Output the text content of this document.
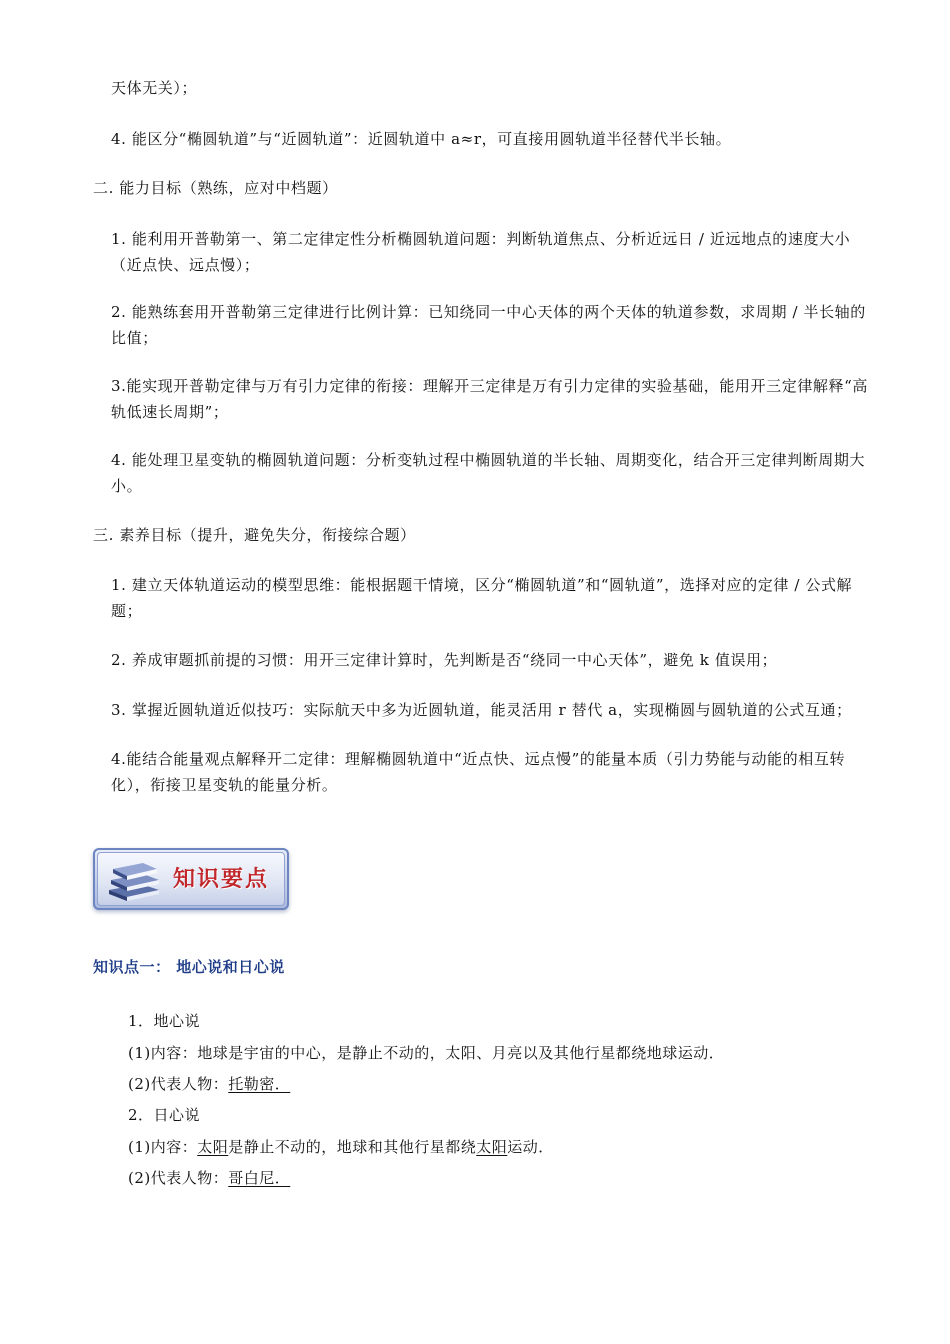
天体无关）；

4. 能区分“椭圆轨道”与“近圆轨道”：近圆轨道中 a≈r，可直接用圆轨道半径替代半长轴。

二. 能力目标（熟练，应对中档题）

1. 能利用开普勒第一、第二定律定性分析椭圆轨道问题：判断轨道焦点、分析近远日 / 近远地点的速度大小（近点快、远点慢）；

2. 能熟练套用开普勒第三定律进行比例计算：已知绕同一中心天体的两个天体的轨道参数，求周期 / 半长轴的比值；

3.能实现开普勒定律与万有引力定律的衔接：理解开三定律是万有引力定律的实验基础，能用开三定律解释“高轨低速长周期”；

4. 能处理卫星变轨的椭圆轨道问题：分析变轨过程中椭圆轨道的半长轴、周期变化，结合开三定律判断周期大小。

三. 素养目标（提升，避免失分，衔接综合题）

1. 建立天体轨道运动的模型思维：能根据题干情境，区分“椭圆轨道”和“圆轨道”，选择对应的定律 / 公式解题；

2. 养成审题抓前提的习惯：用开三定律计算时，先判断是否“绕同一中心天体”，避免 k 值误用；

3. 掌握近圆轨道近似技巧：实际航天中多为近圆轨道，能灵活用 r 替代 a，实现椭圆与圆轨道的公式互通；

4.能结合能量观点解释开二定律：理解椭圆轨道中“近点快、远点慢”的能量本质（引力势能与动能的相互转化），衔接卫星变轨的能量分析。

知识要点
知识点一： 地心说和日心说
1．地心说
(1)内容：地球是宇宙的中心，是静止不动的，太阳、月亮以及其他行星都绕地球运动．
(2)代表人物：托勒密．
2．日心说
(1)内容：太阳是静止不动的，地球和其他行星都绕太阳运动．
(2)代表人物：哥白尼．
